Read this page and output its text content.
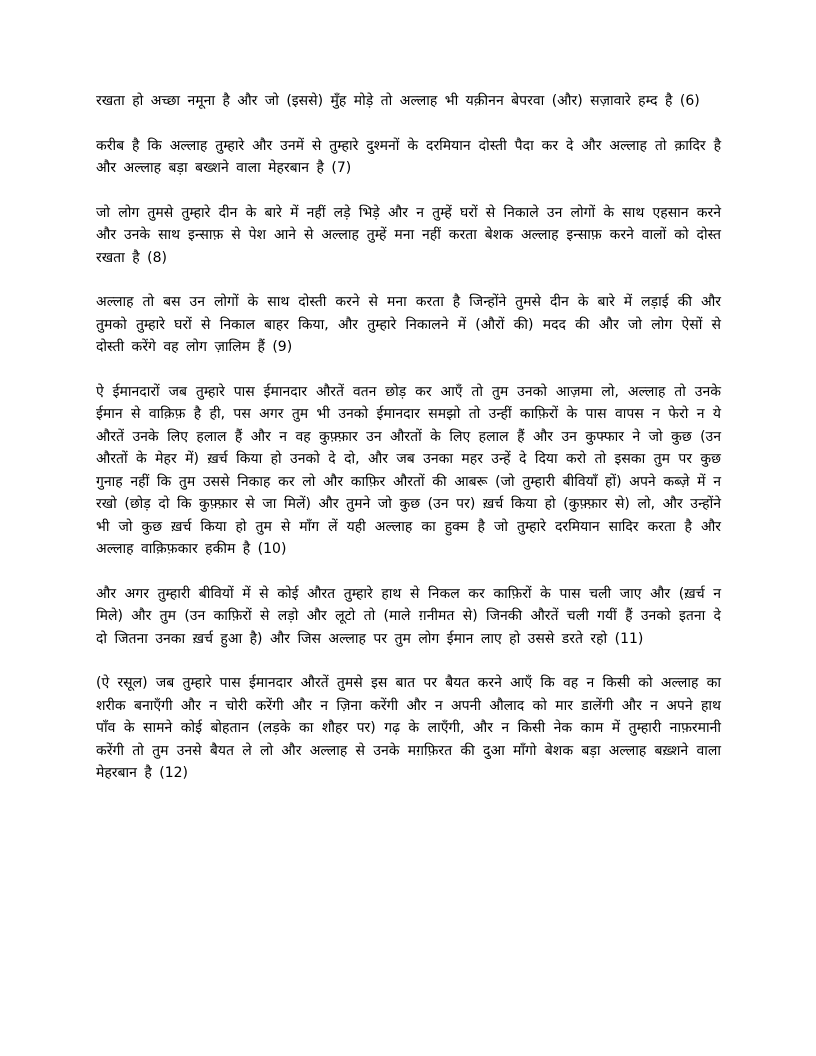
रखता हो अच्छा नमूना है और जो (इससे) मुँह मोड़े तो अल्लाह भी यक़ीनन बेपरवा (और) सज़ावारे हम्द है (6)

करीब है कि अल्लाह तुम्हारे और उनमें से तुम्हारे दुश्मनों के दरमियान दोस्ती पैदा कर दे और अल्लाह तो क़ादिर है और अल्लाह बड़ा बख्शने वाला मेहरबान है (7)

जो लोग तुमसे तुम्हारे दीन के बारे में नहीं लड़े भिड़े और न तुम्हें घरों से निकाले उन लोगों के साथ एहसान करने और उनके साथ इन्साफ़ से पेश आने से अल्लाह तुम्हें मना नहीं करता बेशक अल्लाह इन्साफ़ करने वालों को दोस्त रखता है (8)

अल्लाह तो बस उन लोगों के साथ दोस्ती करने से मना करता है जिन्होंने तुमसे दीन के बारे में लड़ाई की और तुमको तुम्हारे घरों से निकाल बाहर किया, और तुम्हारे निकालने में (औरों की) मदद की और जो लोग ऐसों से दोस्ती करेंगे वह लोग ज़ालिम हैं (9)

ऐ ईमानदारों जब तुम्हारे पास ईमानदार औरतें वतन छोड़ कर आएँ तो तुम उनको आज़मा लो, अल्लाह तो उनके ईमान से वाक़िफ़ है ही, पस अगर तुम भी उनको ईमानदार समझो तो उन्हीं काफ़िरों के पास वापस न फेरो न ये औरतें उनके लिए हलाल हैं और न वह कुफ़्फ़ार उन औरतों के लिए हलाल हैं और उन कुफ्फार ने जो कुछ (उन औरतों के मेहर में) ख़र्च किया हो उनको दे दो, और जब उनका महर उन्हें दे दिया करो तो इसका तुम पर कुछ गुनाह नहीं कि तुम उससे निकाह कर लो और काफ़िर औरतों की आबरू (जो तुम्हारी बीवियाँ हों) अपने कब्ज़े में न रखो (छोड़ दो कि कुफ़्फ़ार से जा मिलें) और तुमने जो कुछ (उन पर) ख़र्च किया हो (कुफ़्फ़ार से) लो, और उन्होंने भी जो कुछ ख़र्च किया हो तुम से माँग लें यही अल्लाह का हुक्म है जो तुम्हारे दरमियान सादिर करता है और अल्लाह वाक़िफ़कार हकीम है (10)

और अगर तुम्हारी बीवियों में से कोई औरत तुम्हारे हाथ से निकल कर काफ़िरों के पास चली जाए और (ख़र्च न मिले) और तुम (उन काफ़िरों से लड़ो और लूटो तो (माले ग़नीमत से) जिनकी औरतें चली गयीं हैं उनको इतना दे दो जितना उनका ख़र्च हुआ है) और जिस अल्लाह पर तुम लोग ईमान लाए हो उससे डरते रहो (11)

(ऐ रसूल) जब तुम्हारे पास ईमानदार औरतें तुमसे इस बात पर बैयत करने आएँ कि वह न किसी को अल्लाह का शरीक बनाएँगी और न चोरी करेंगी और न ज़िना करेंगी और न अपनी औलाद को मार डालेंगी और न अपने हाथ पाँव के सामने कोई बोहतान (लड़के का शौहर पर) गढ़ के लाएँगी, और न किसी नेक काम में तुम्हारी नाफ़रमानी करेंगी तो तुम उनसे बैयत ले लो और अल्लाह से उनके मग़फ़िरत की दुआ माँगो बेशक बड़ा अल्लाह बख़्शने वाला मेहरबान है (12)
